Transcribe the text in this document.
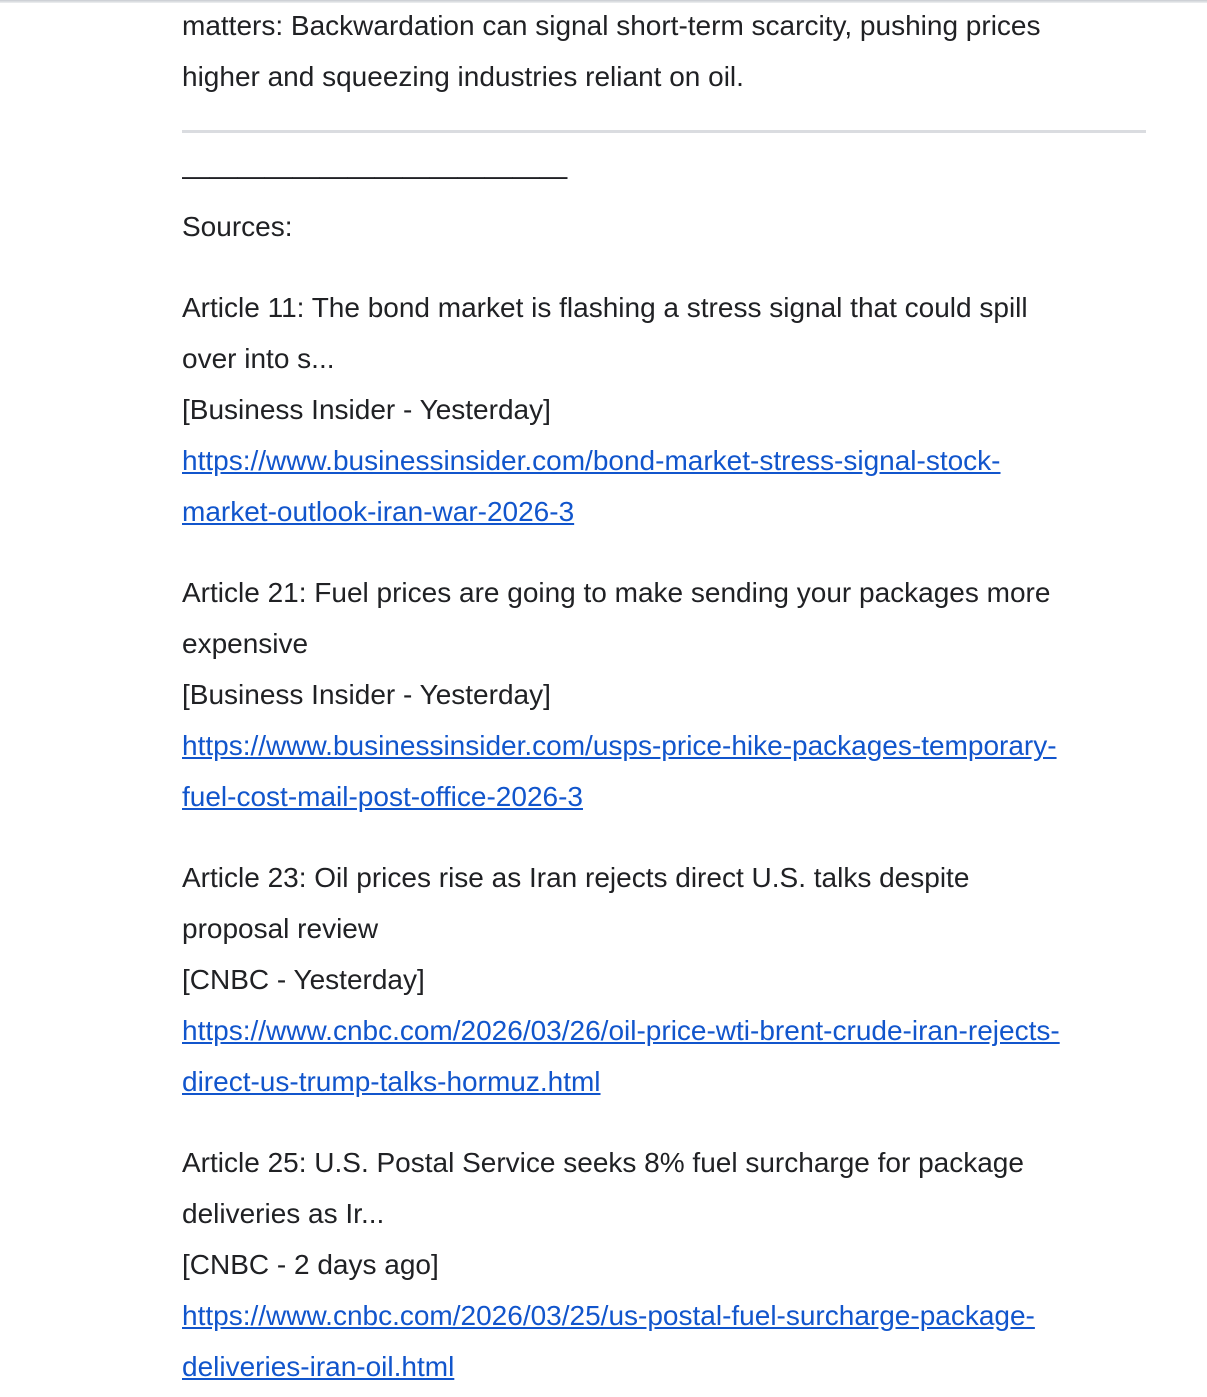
matters: Backwardation can signal short-term scarcity, pushing prices

higher and squeezing industries reliant on oil.

——————————————

Sources:

Article 11: The bond market is flashing a stress signal that could spill

over into s...

[Business Insider - Yesterday]

https://www.businessinsider.com/bond-market-stress-signal-stock-
market-outlook-iran-war-2026-3

Article 21: Fuel prices are going to make sending your packages more

expensive

[Business Insider - Yesterday]

https://www.businessinsider.com/usps-price-hike-packages-temporary-
fuel-cost-mail-post-office-2026-3

Article 23: Oil prices rise as Iran rejects direct U.S. talks despite

proposal review

[CNBC - Yesterday]

https://www.cnbc.com/2026/03/26/oil-price-wti-brent-crude-iran-rejects-
direct-us-trump-talks-hormuz.html

Article 25: U.S. Postal Service seeks 8% fuel surcharge for package

deliveries as Ir...

[CNBC - 2 days ago]

https://www.cnbc.com/2026/03/25/us-postal-fuel-surcharge-package-
deliveries-iran-oil.html
